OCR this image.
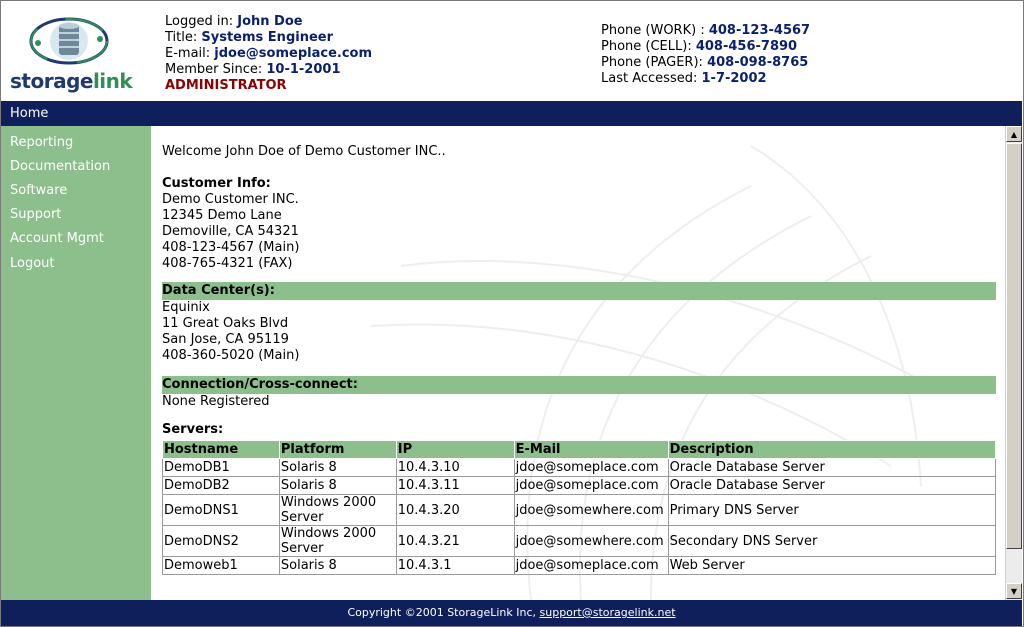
storagelink
Logged in: John Doe
Title: Systems Engineer
E-mail: jdoe@someplace.com
Member Since: 10-1-2001
ADMINISTRATOR
Phone (WORK) : 408-123-4567
Phone (CELL): 408-456-7890
Phone (PAGER): 408-098-8765
Last Accessed: 1-7-2002
Home
Reporting
Documentation
Software
Support
Account Mgmt
Logout
Welcome John Doe of Demo Customer INC..
Customer Info:
Demo Customer INC.
12345 Demo Lane
Demoville, CA 54321
408-123-4567 (Main)
408-765-4321 (FAX)
Data Center(s):
Equinix
11 Great Oaks Blvd
San Jose, CA 95119
408-360-5020 (Main)
Connection/Cross-connect:
None Registered
Servers:
Hostname	Platform	IP	E-Mail	Description
DemoDB1	Solaris 8	10.4.3.10	jdoe@someplace.com	Oracle Database Server
DemoDB2	Solaris 8	10.4.3.11	jdoe@someplace.com	Oracle Database Server
DemoDNS1	Windows 2000 Server	10.4.3.20	jdoe@somewhere.com	Primary DNS Server
DemoDNS2	Windows 2000 Server	10.4.3.21	jdoe@somewhere.com	Secondary DNS Server
Demoweb1	Solaris 8	10.4.3.1	jdoe@someplace.com	Web Server
▲
▼
Copyright ©2001 StorageLink Inc, support@storagelink.net
